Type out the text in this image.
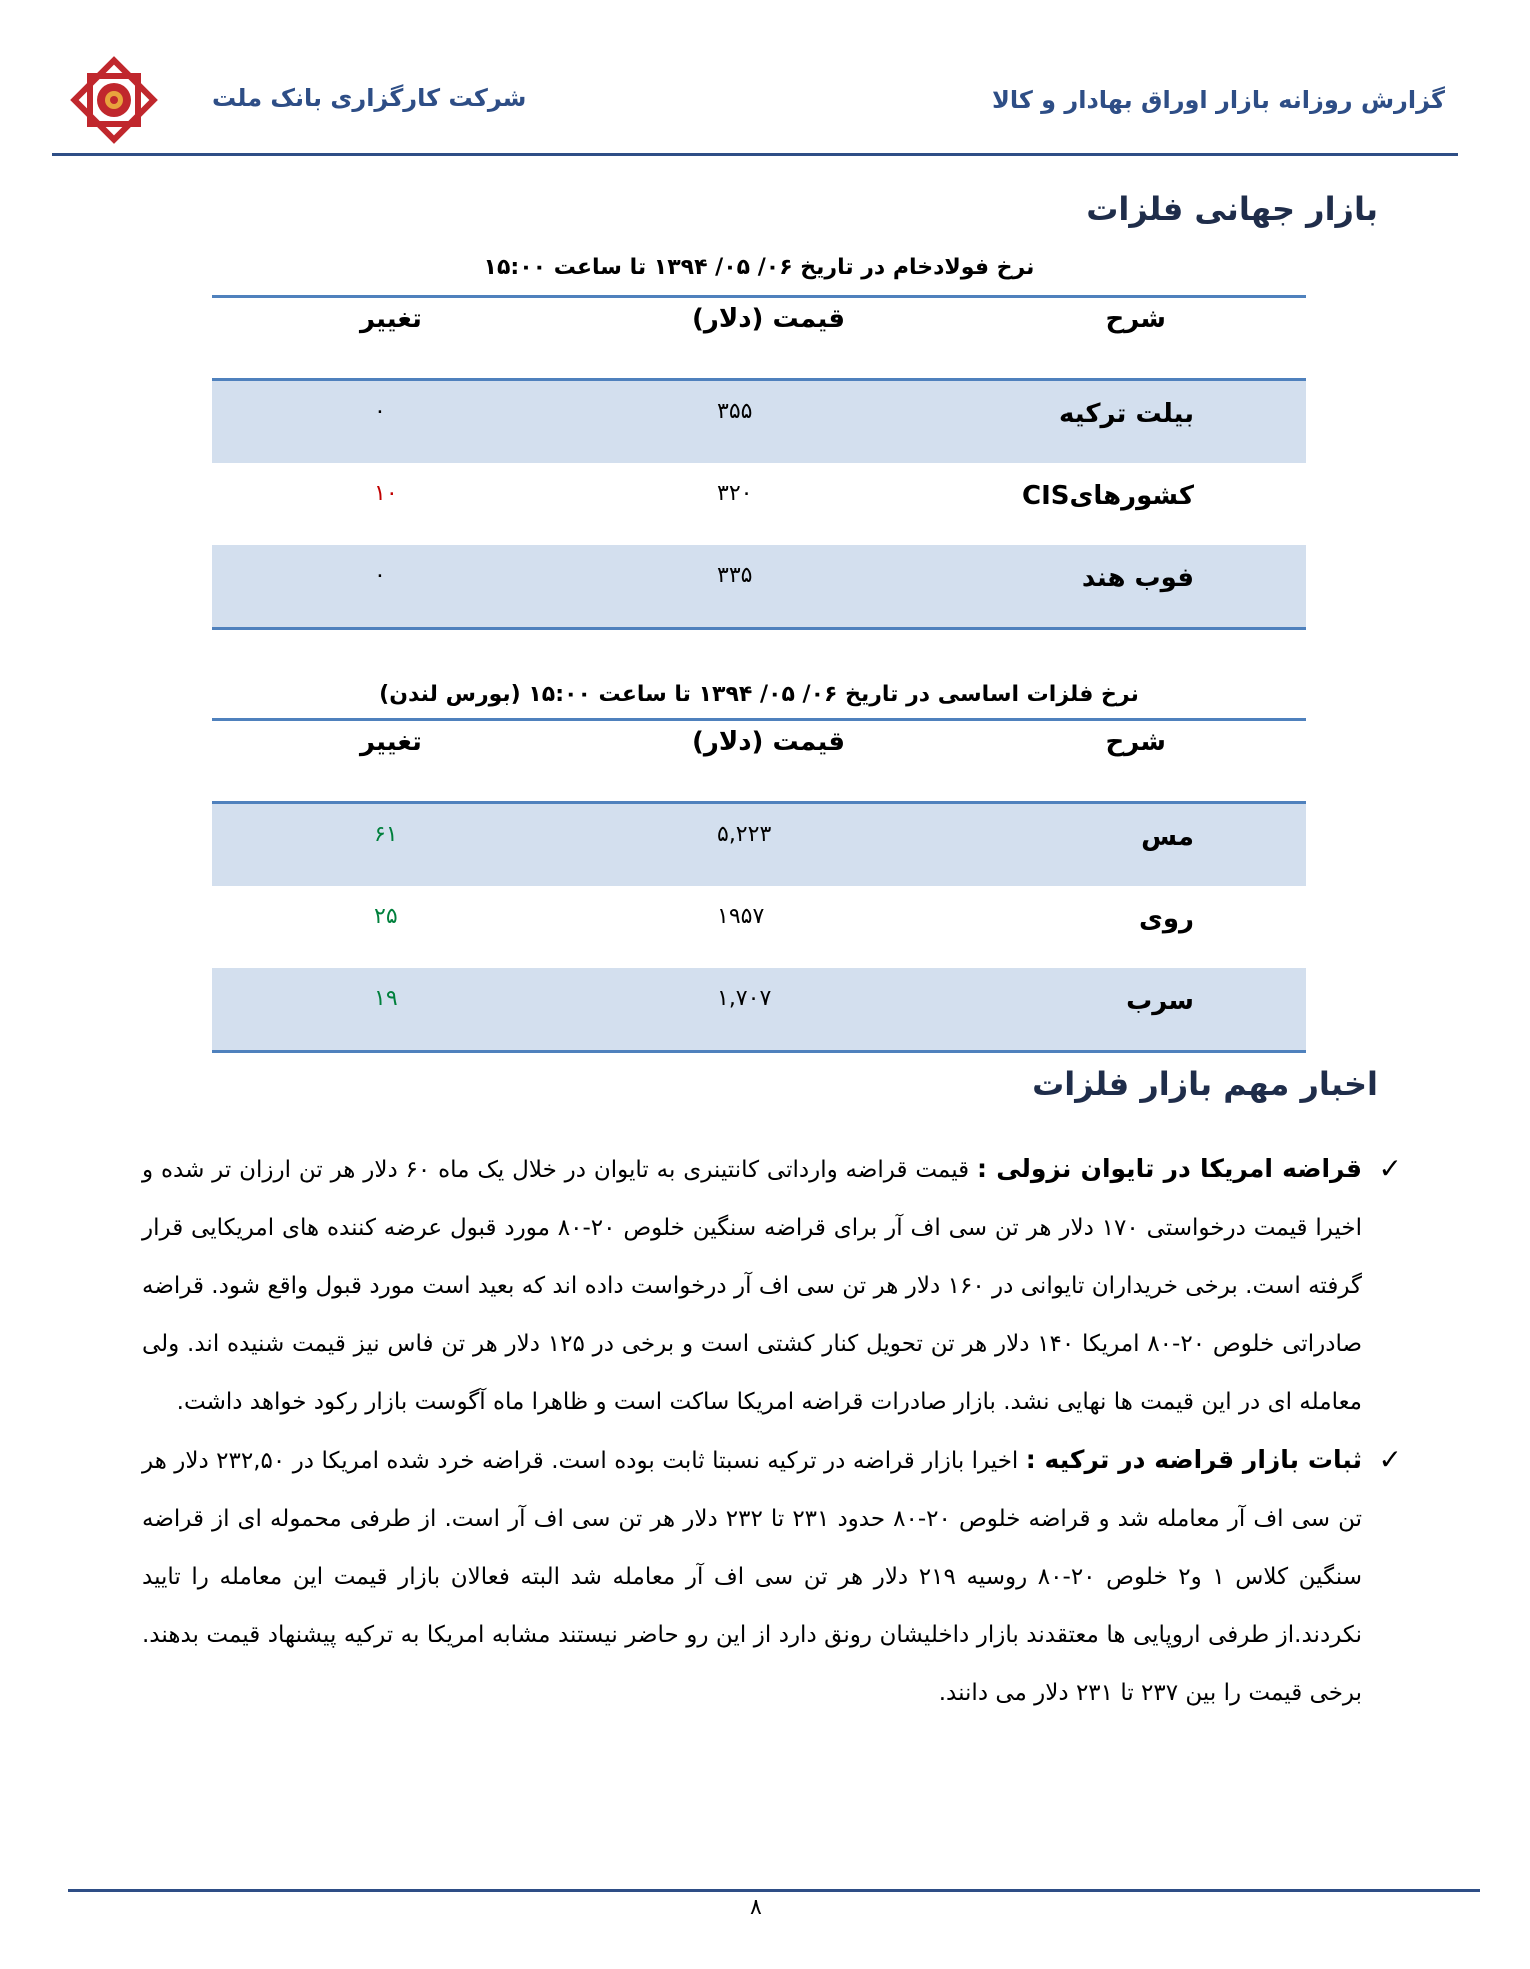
شرکت کارگزاری بانک ملت	گزارش روزانه بازار اوراق بهادار و کالا
بازار جهانی فلزات
نرخ فولادخام در تاریخ ۰۶/ ۰۵/ ۱۳۹۴ تا ساعت ۱۵:۰۰
شرح
قیمت (دلار)
تغییر
بیلت ترکیه
۳۵۵
۰
کشورهایCIS
۳۲۰
۱۰
فوب هند
۳۳۵
۰
نرخ فلزات اساسی در تاریخ ۰۶/ ۰۵/ ۱۳۹۴ تا ساعت ۱۵:۰۰ (بورس لندن)
شرح
قیمت (دلار)
تغییر
مس
۵,۲۲۳
۶۱
روی
۱۹۵۷
۲۵
سرب
۱,۷۰۷
۱۹
اخبار مهم بازار فلزات

✓
قراضه امریکا در تایوان نزولی : قیمت قراضه وارداتی کانتینری به تایوان در خلال یک ماه ۶۰ دلار هر تن ارزان تر شده و اخیرا قیمت درخواستی ۱۷۰ دلار هر تن سی اف آر برای قراضه سنگین خلوص ۲۰-۸۰ مورد قبول عرضه کننده های امریکایی قرار گرفته است. برخی خریداران تایوانی در ۱۶۰ دلار هر تن سی اف آر درخواست داده اند که بعید است مورد قبول واقع شود. قراضه صادراتی خلوص ۲۰-۸۰ امریکا ۱۴۰ دلار هر تن تحویل کنار کشتی است و برخی در ۱۲۵ دلار هر تن فاس نیز قیمت شنیده اند. ولی معامله ای در این قیمت ها نهایی نشد. بازار صادرات قراضه امریکا ساکت است و ظاهرا ماه آگوست بازار رکود خواهد داشت.

✓
ثبات بازار قراضه در ترکیه : اخیرا بازار قراضه در ترکیه نسبتا ثابت بوده است. قراضه خرد شده امریکا در ۲۳۲,۵۰ دلار هر تن سی اف آر معامله شد و قراضه خلوص ۲۰-۸۰ حدود ۲۳۱ تا ۲۳۲ دلار هر تن سی اف آر است. از طرفی محموله ای از قراضه سنگین کلاس ۱ و۲ خلوص ۲۰-۸۰ روسیه ۲۱۹ دلار هر تن سی اف آر معامله شد البته فعالان بازار قیمت این معامله را تایید نکردند.از طرفی اروپایی ها معتقدند بازار داخلیشان رونق دارد از این رو حاضر نیستند مشابه امریکا به ترکیه پیشنهاد قیمت بدهند. برخی قیمت را بین ۲۳۷ تا ۲۳۱ دلار می دانند.

۸
